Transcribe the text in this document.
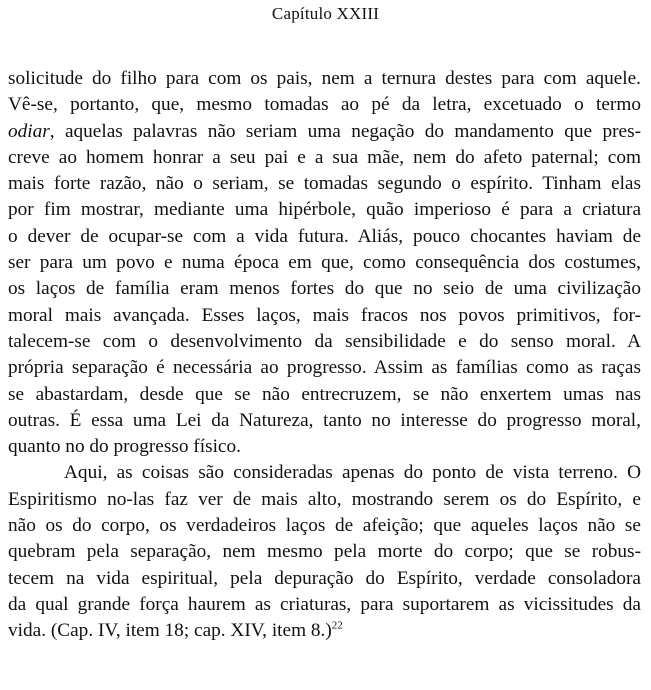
Capítulo XXIII
solicitude do filho para com os pais, nem a ternura destes para com aquele.
Vê-se, portanto, que, mesmo tomadas ao pé da letra, excetuado o termo
odiar, aquelas palavras não seriam uma negação do mandamento que pres-
creve ao homem honrar a seu pai e a sua mãe, nem do afeto paternal; com
mais forte razão, não o seriam, se tomadas segundo o espírito. Tinham elas
por fim mostrar, mediante uma hipérbole, quão imperioso é para a criatura
o dever de ocupar-se com a vida futura. Aliás, pouco chocantes haviam de
ser para um povo e numa época em que, como consequência dos costumes,
os laços de família eram menos fortes do que no seio de uma civilização
moral mais avançada. Esses laços, mais fracos nos povos primitivos, for-
talecem-se com o desenvolvimento da sensibilidade e do senso moral. A
própria separação é necessária ao progresso. Assim as famílias como as raças
se abastardam, desde que se não entrecruzem, se não enxertem umas nas
outras. É essa uma Lei da Natureza, tanto no interesse do progresso moral,
quanto no do progresso físico.
Aqui, as coisas são consideradas apenas do ponto de vista terreno. O
Espiritismo no-las faz ver de mais alto, mostrando serem os do Espírito, e
não os do corpo, os verdadeiros laços de afeição; que aqueles laços não se
quebram pela separação, nem mesmo pela morte do corpo; que se robus-
tecem na vida espiritual, pela depuração do Espírito, verdade consoladora
da qual grande força haurem as criaturas, para suportarem as vicissitudes da
vida. (Cap. IV, item 18; cap. XIV, item 8.)$^{22}$
